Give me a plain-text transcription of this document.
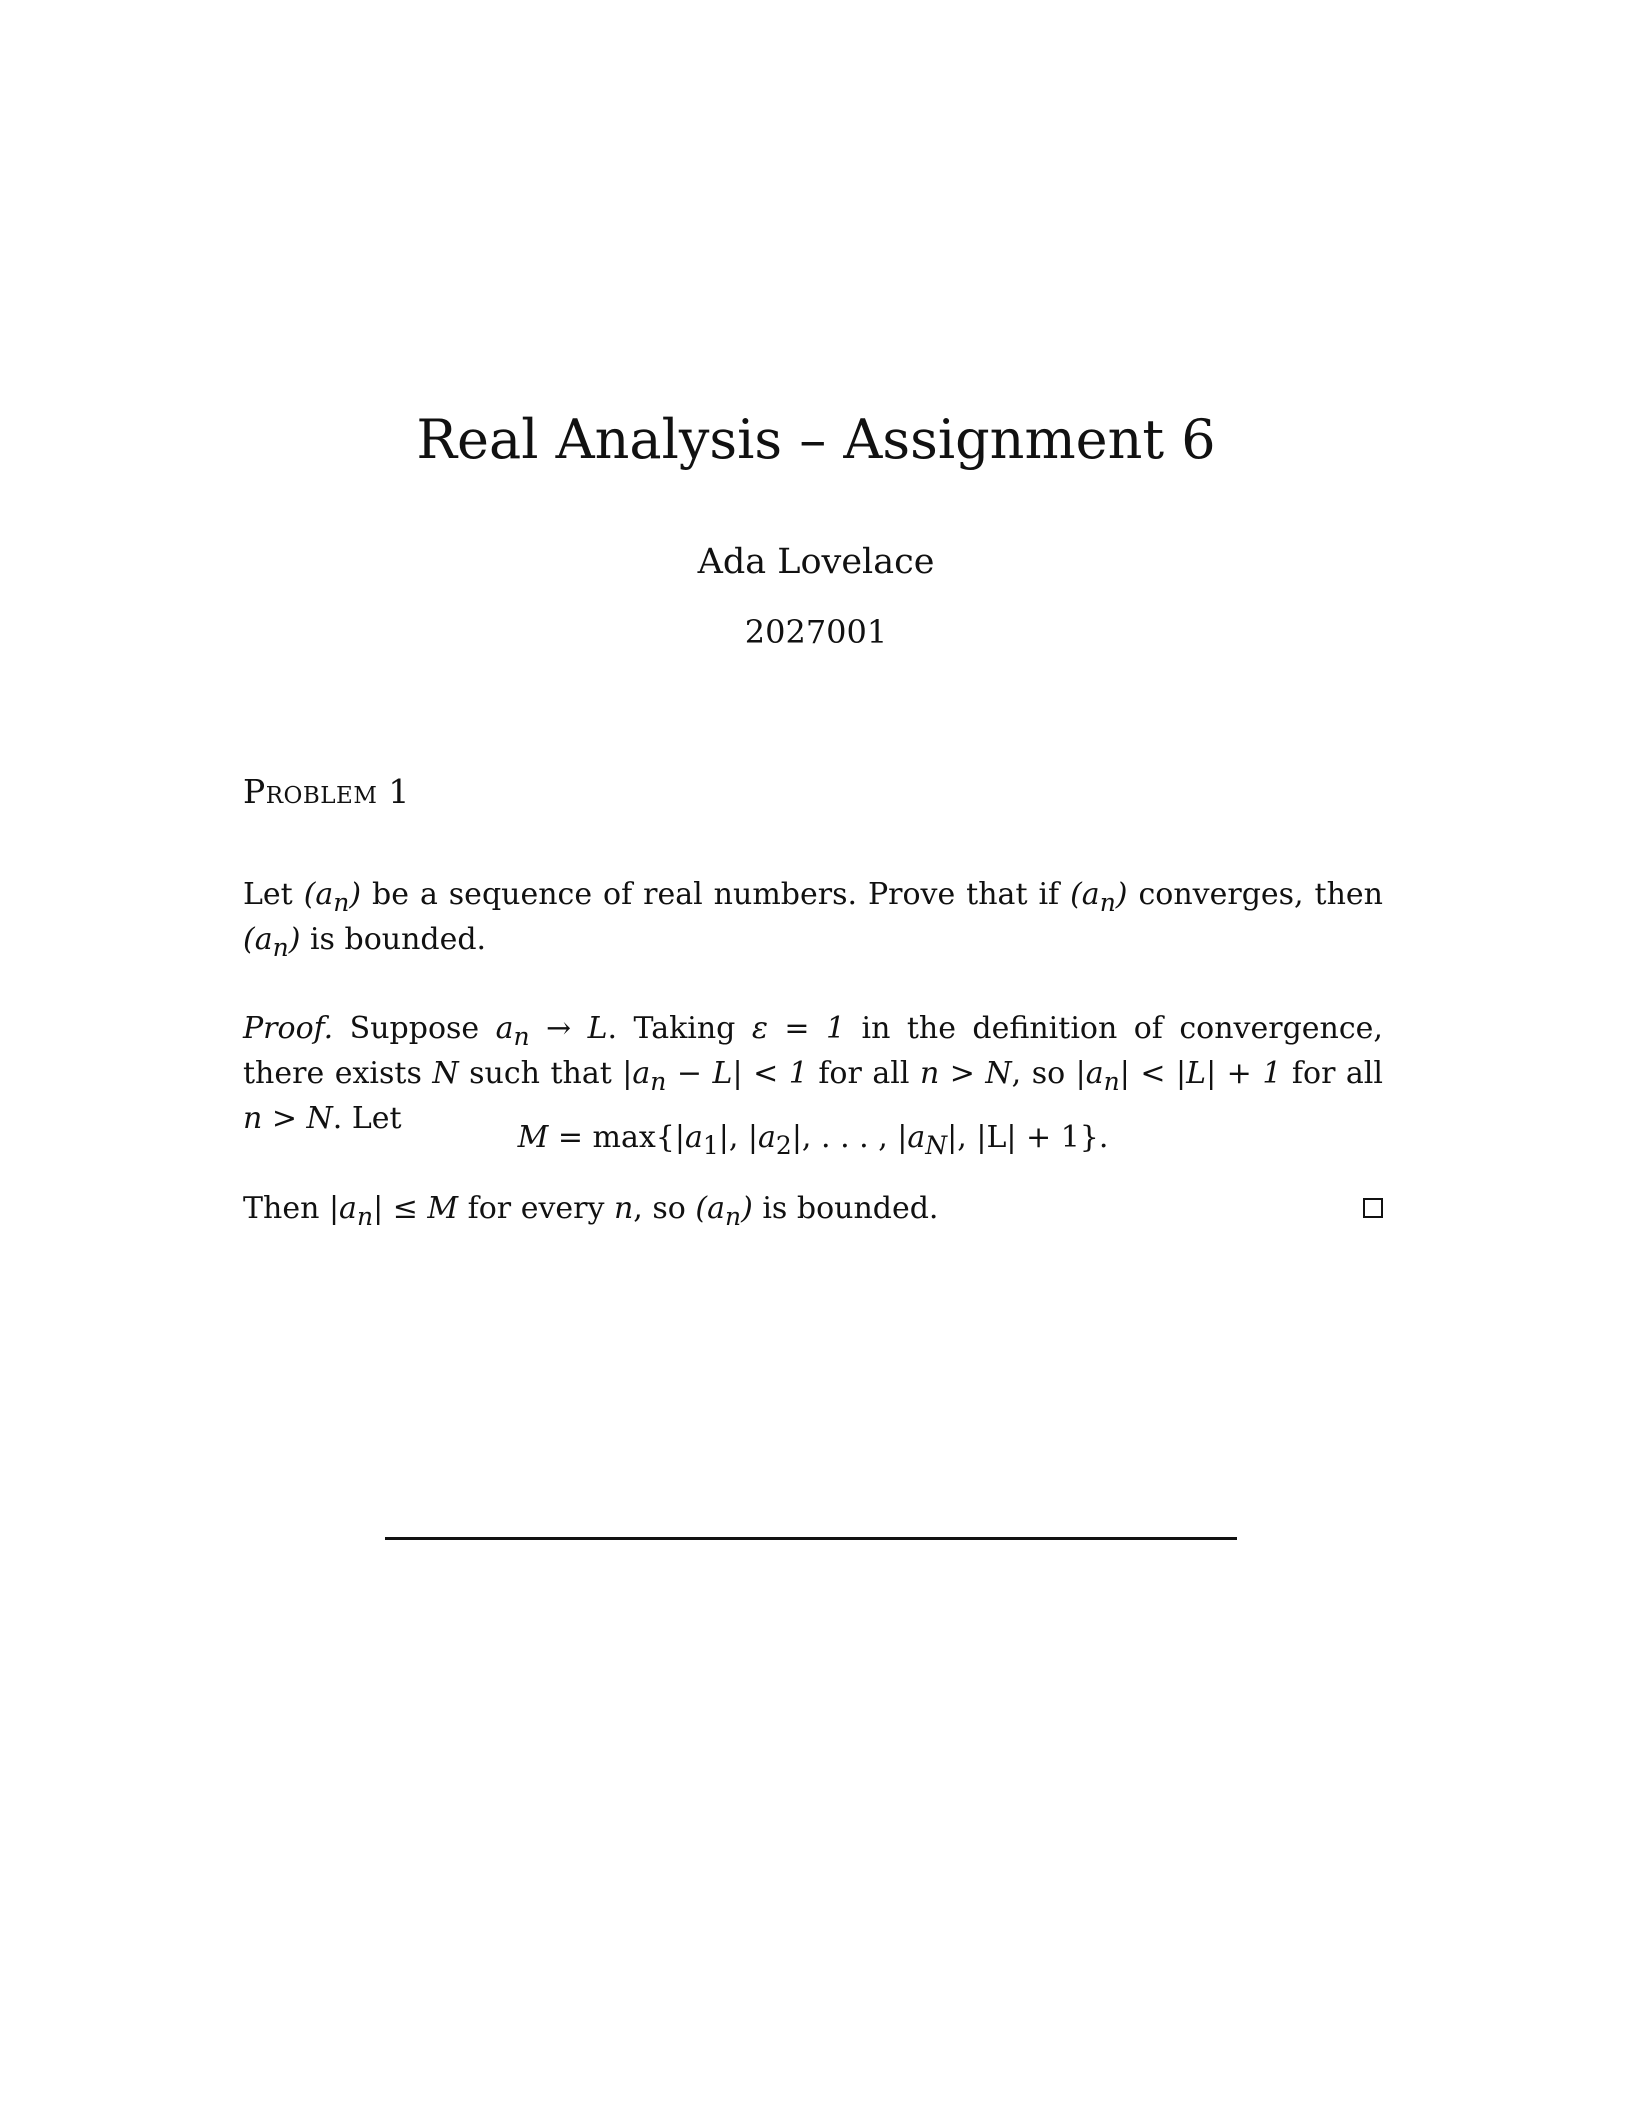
Real Analysis – Assignment 6
Ada Lovelace
2027001
Problem 1

Let $(a_n)$ be a sequence of real numbers. Prove that if $(a_n)$ converges, then $(a_n)$ is bounded.

Proof. Suppose $a_n \to L$. Taking ε = 1 in the definition of convergence, there exists N such that $|a_n - L| < 1$ for all n > N, so $|a_n| < |L| + 1$ for all n > N. Let

$M = \max\{|a_1|$, $|a_2|$, . . . , $|a_N|$, |L| + 1}.
Then $|a_n| \le M$ for every n, so $(a_n)$ is bounded.
